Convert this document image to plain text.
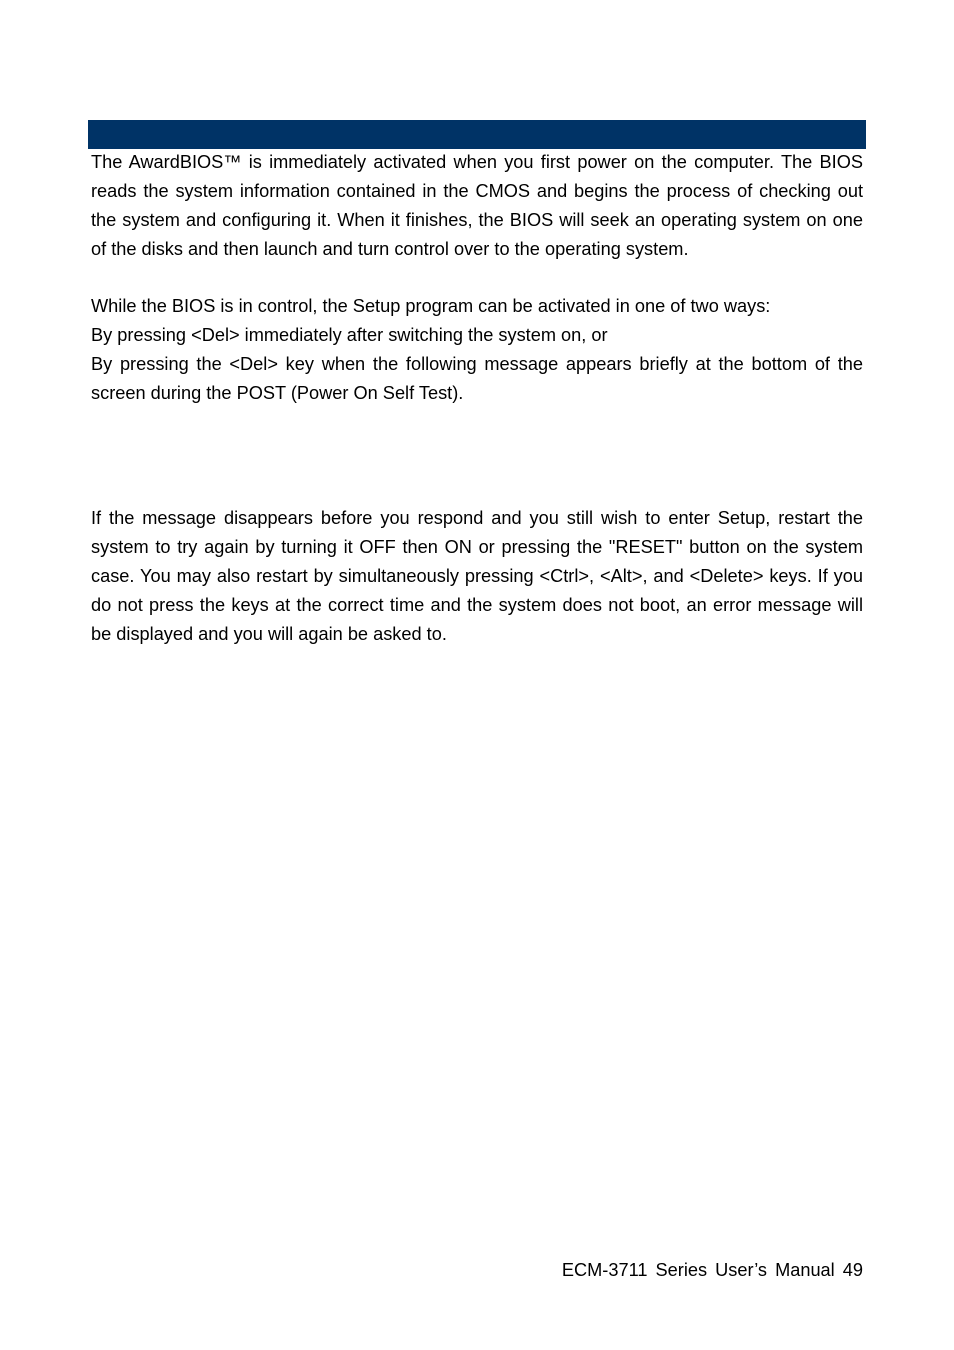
The AwardBIOS™ is immediately activated when you first power on the computer. The BIOS reads the system information contained in the CMOS and begins the process of checking out the system and configuring it. When it finishes, the BIOS will seek an operating system on one of the disks and then launch and turn control over to the operating system.

While the BIOS is in control, the Setup program can be activated in one of two ways:

By pressing <Del> immediately after switching the system on, or

By pressing the <Del> key when the following message appears briefly at the bottom of the screen during the POST (Power On Self Test).

If the message disappears before you respond and you still wish to enter Setup, restart the system to try again by turning it OFF then ON or pressing the "RESET" button on the system case. You may also restart by simultaneously pressing <Ctrl>, <Alt>, and <Delete> keys. If you do not press the keys at the correct time and the system does not boot, an error message will be displayed and you will again be asked to.

ECM-3711 Series User’s Manual 49
